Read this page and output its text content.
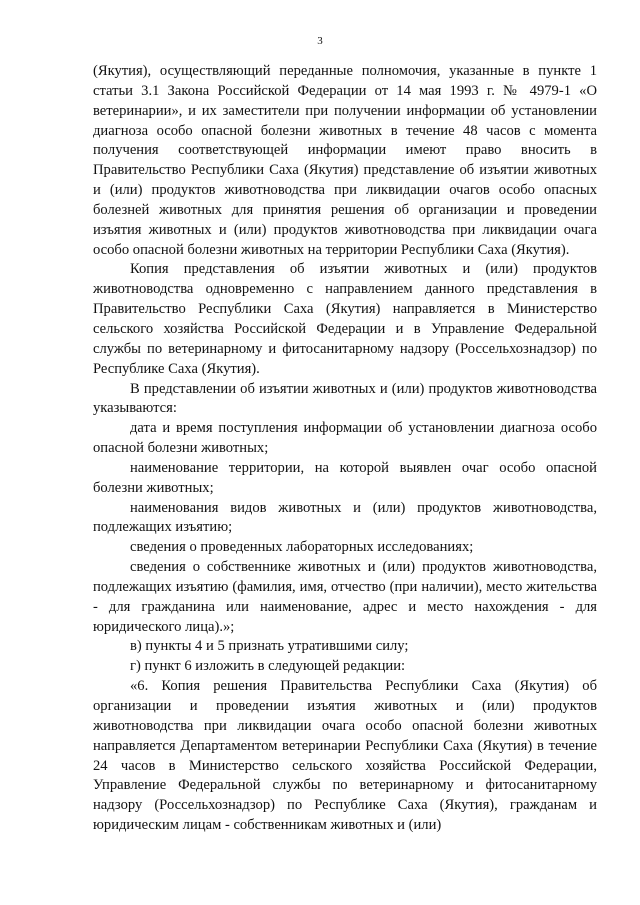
3

(Якутия), осуществляющий переданные полномочия, указанные в пункте 1 статьи 3.1 Закона Российской Федерации от 14 мая 1993 г. № 4979-1 «О ветеринарии», и их заместители при получении информации об установлении диагноза особо опасной болезни животных в течение 48 часов с момента получения соответствующей информации имеют право вносить в Правительство Республики Саха (Якутия) представление об изъятии животных и (или) продуктов животноводства при ликвидации очагов особо опасных болезней животных для принятия решения об организации и проведении изъятия животных и (или) продуктов животноводства при ликвидации очага особо опасной болезни животных на территории Республики Саха (Якутия).

Копия представления об изъятии животных и (или) продуктов животноводства одновременно с направлением данного представления в Правительство Республики Саха (Якутия) направляется в Министерство сельского хозяйства Российской Федерации и в Управление Федеральной службы по ветеринарному и фитосанитарному надзору (Россельхознадзор) по Республике Саха (Якутия).

В представлении об изъятии животных и (или) продуктов животноводства указываются:

дата и время поступления информации об установлении диагноза особо опасной болезни животных;

наименование территории, на которой выявлен очаг особо опасной болезни животных;

наименования видов животных и (или) продуктов животноводства, подлежащих изъятию;

сведения о проведенных лабораторных исследованиях;

сведения о собственнике животных и (или) продуктов животноводства, подлежащих изъятию (фамилия, имя, отчество (при наличии), место жительства - для гражданина или наименование, адрес и место нахождения - для юридического лица).»;

в) пункты 4 и 5 признать утратившими силу;

г) пункт 6 изложить в следующей редакции:

«6. Копия решения Правительства Республики Саха (Якутия) об организации и проведении изъятия животных и (или) продуктов животноводства при ликвидации очага особо опасной болезни животных направляется Департаментом ветеринарии Республики Саха (Якутия) в течение 24 часов в Министерство сельского хозяйства Российской Федерации, Управление Федеральной службы по ветеринарному и фитосанитарному надзору (Россельхознадзор) по Республике Саха (Якутия), гражданам и юридическим лицам - собственникам животных и (или)
